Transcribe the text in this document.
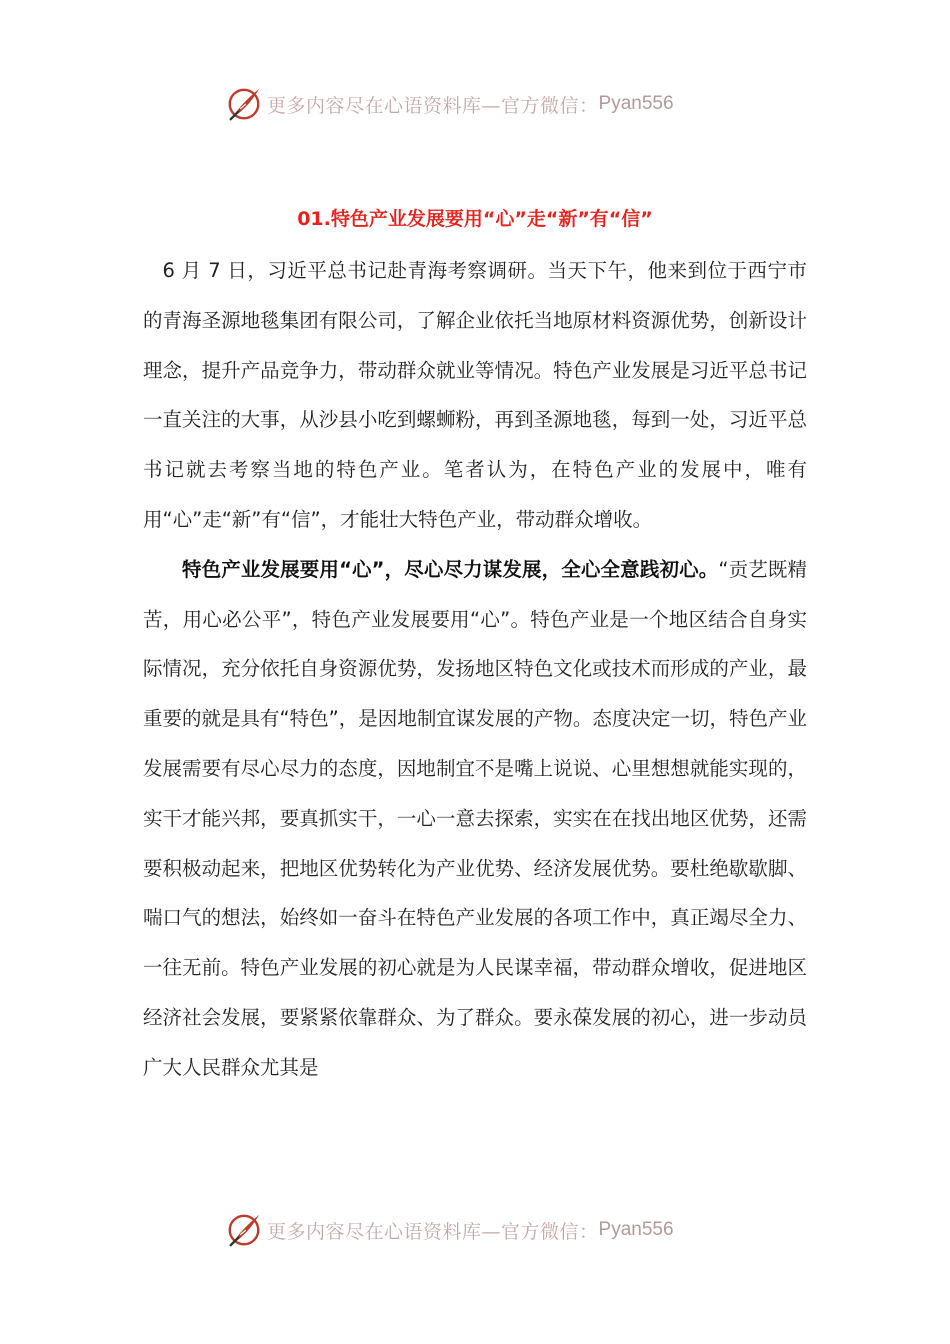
更多内容尽在心语资料库—官方微信： Pyan556
01.特色产业发展要用“心”走“新”有“信”

6 月 7 日，习近平总书记赴青海考察调研。当天下午，他来到位于西宁市的青海圣源地毯集团有限公司，了解企业依托当地原材料资源优势，创新设计理念，提升产品竞争力，带动群众就业等情况。特色产业发展是习近平总书记一直关注的大事，从沙县小吃到螺蛳粉，再到圣源地毯，每到一处，习近平总书记就去考察当地的特色产业。笔者认为，在特色产业的发展中，唯有用“心”走“新”有“信”，才能壮大特色产业，带动群众增收。

特色产业发展要用“心”，尽心尽力谋发展，全心全意践初心。“贡艺既精苦，用心必公平”，特色产业发展要用“心”。特色产业是一个地区结合自身实际情况，充分依托自身资源优势，发扬地区特色文化或技术而形成的产业，最重要的就是具有“特色”，是因地制宜谋发展的产物。态度决定一切，特色产业发展需要有尽心尽力的态度，因地制宜不是嘴上说说、心里想想就能实现的，实干才能兴邦，要真抓实干，一心一意去探索，实实在在找出地区优势，还需要积极动起来，把地区优势转化为产业优势、经济发展优势。要杜绝歇歇脚、喘口气的想法，始终如一奋斗在特色产业发展的各项工作中，真正竭尽全力、一往无前。特色产业发展的初心就是为人民谋幸福，带动群众增收，促进地区经济社会发展，要紧紧依靠群众、为了群众。要永葆发展的初心，进一步动员广大人民群众尤其是

更多内容尽在心语资料库—官方微信： Pyan556
